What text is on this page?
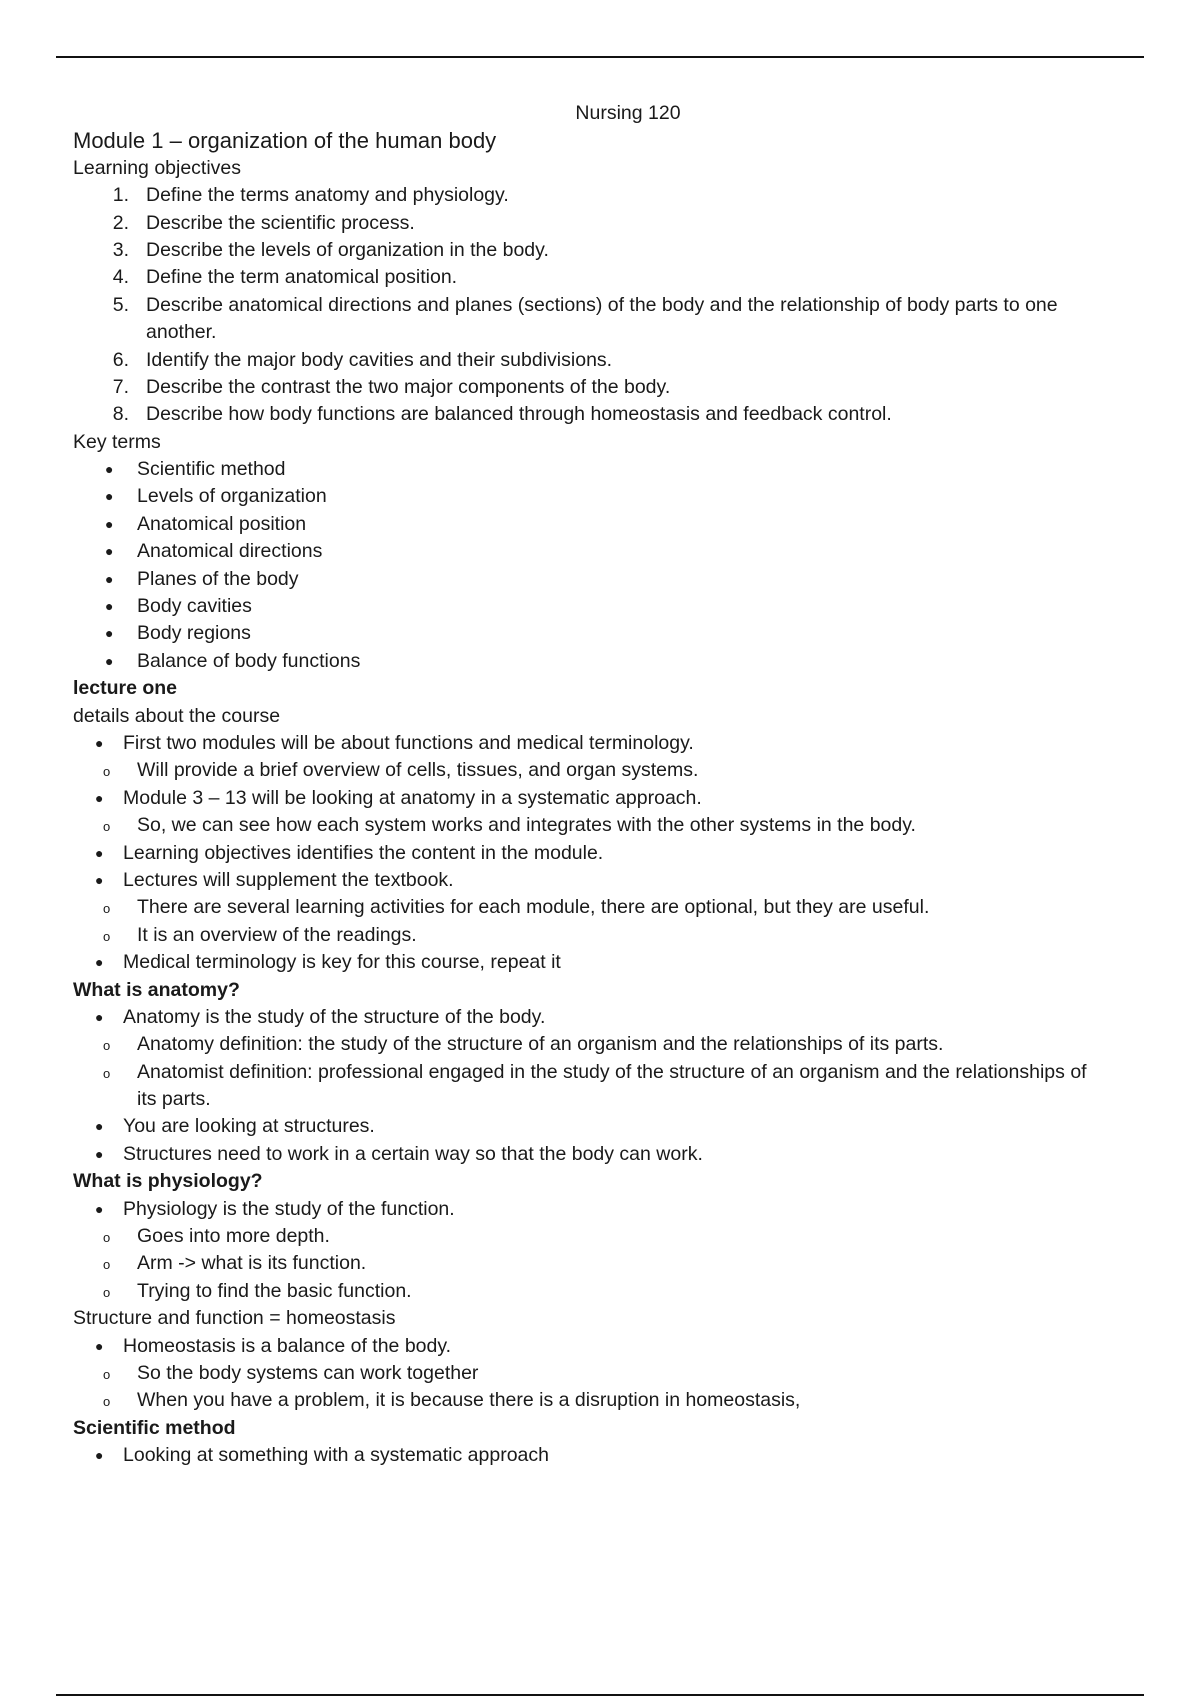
Nursing 120
Module 1 – organization of the human body
Learning objectives
1. Define the terms anatomy and physiology.
2. Describe the scientific process.
3. Describe the levels of organization in the body.
4. Define the term anatomical position.
5. Describe anatomical directions and planes (sections) of the body and the relationship of body parts to one
another.
6. Identify the major body cavities and their subdivisions.
7. Describe the contrast the two major components of the body.
8. Describe how body functions are balanced through homeostasis and feedback control.
Key terms
● Scientific method
● Levels of organization
● Anatomical position
● Anatomical directions
● Planes of the body
● Body cavities
● Body regions
● Balance of body functions
lecture one
details about the course
● First two modules will be about functions and medical terminology.
o Will provide a brief overview of cells, tissues, and organ systems.
● Module 3 – 13 will be looking at anatomy in a systematic approach.
o So, we can see how each system works and integrates with the other systems in the body.
● Learning objectives identifies the content in the module.
● Lectures will supplement the textbook.
o There are several learning activities for each module, there are optional, but they are useful.
o It is an overview of the readings.
● Medical terminology is key for this course, repeat it
What is anatomy?
● Anatomy is the study of the structure of the body.
o Anatomy definition: the study of the structure of an organism and the relationships of its parts.
o Anatomist definition: professional engaged in the study of the structure of an organism and the relationships of
its parts.
● You are looking at structures.
● Structures need to work in a certain way so that the body can work.
What is physiology?
● Physiology is the study of the function.
o Goes into more depth.
o Arm -> what is its function.
o Trying to find the basic function.
Structure and function = homeostasis
● Homeostasis is a balance of the body.
o So the body systems can work together
o When you have a problem, it is because there is a disruption in homeostasis,
Scientific method
● Looking at something with a systematic approach
